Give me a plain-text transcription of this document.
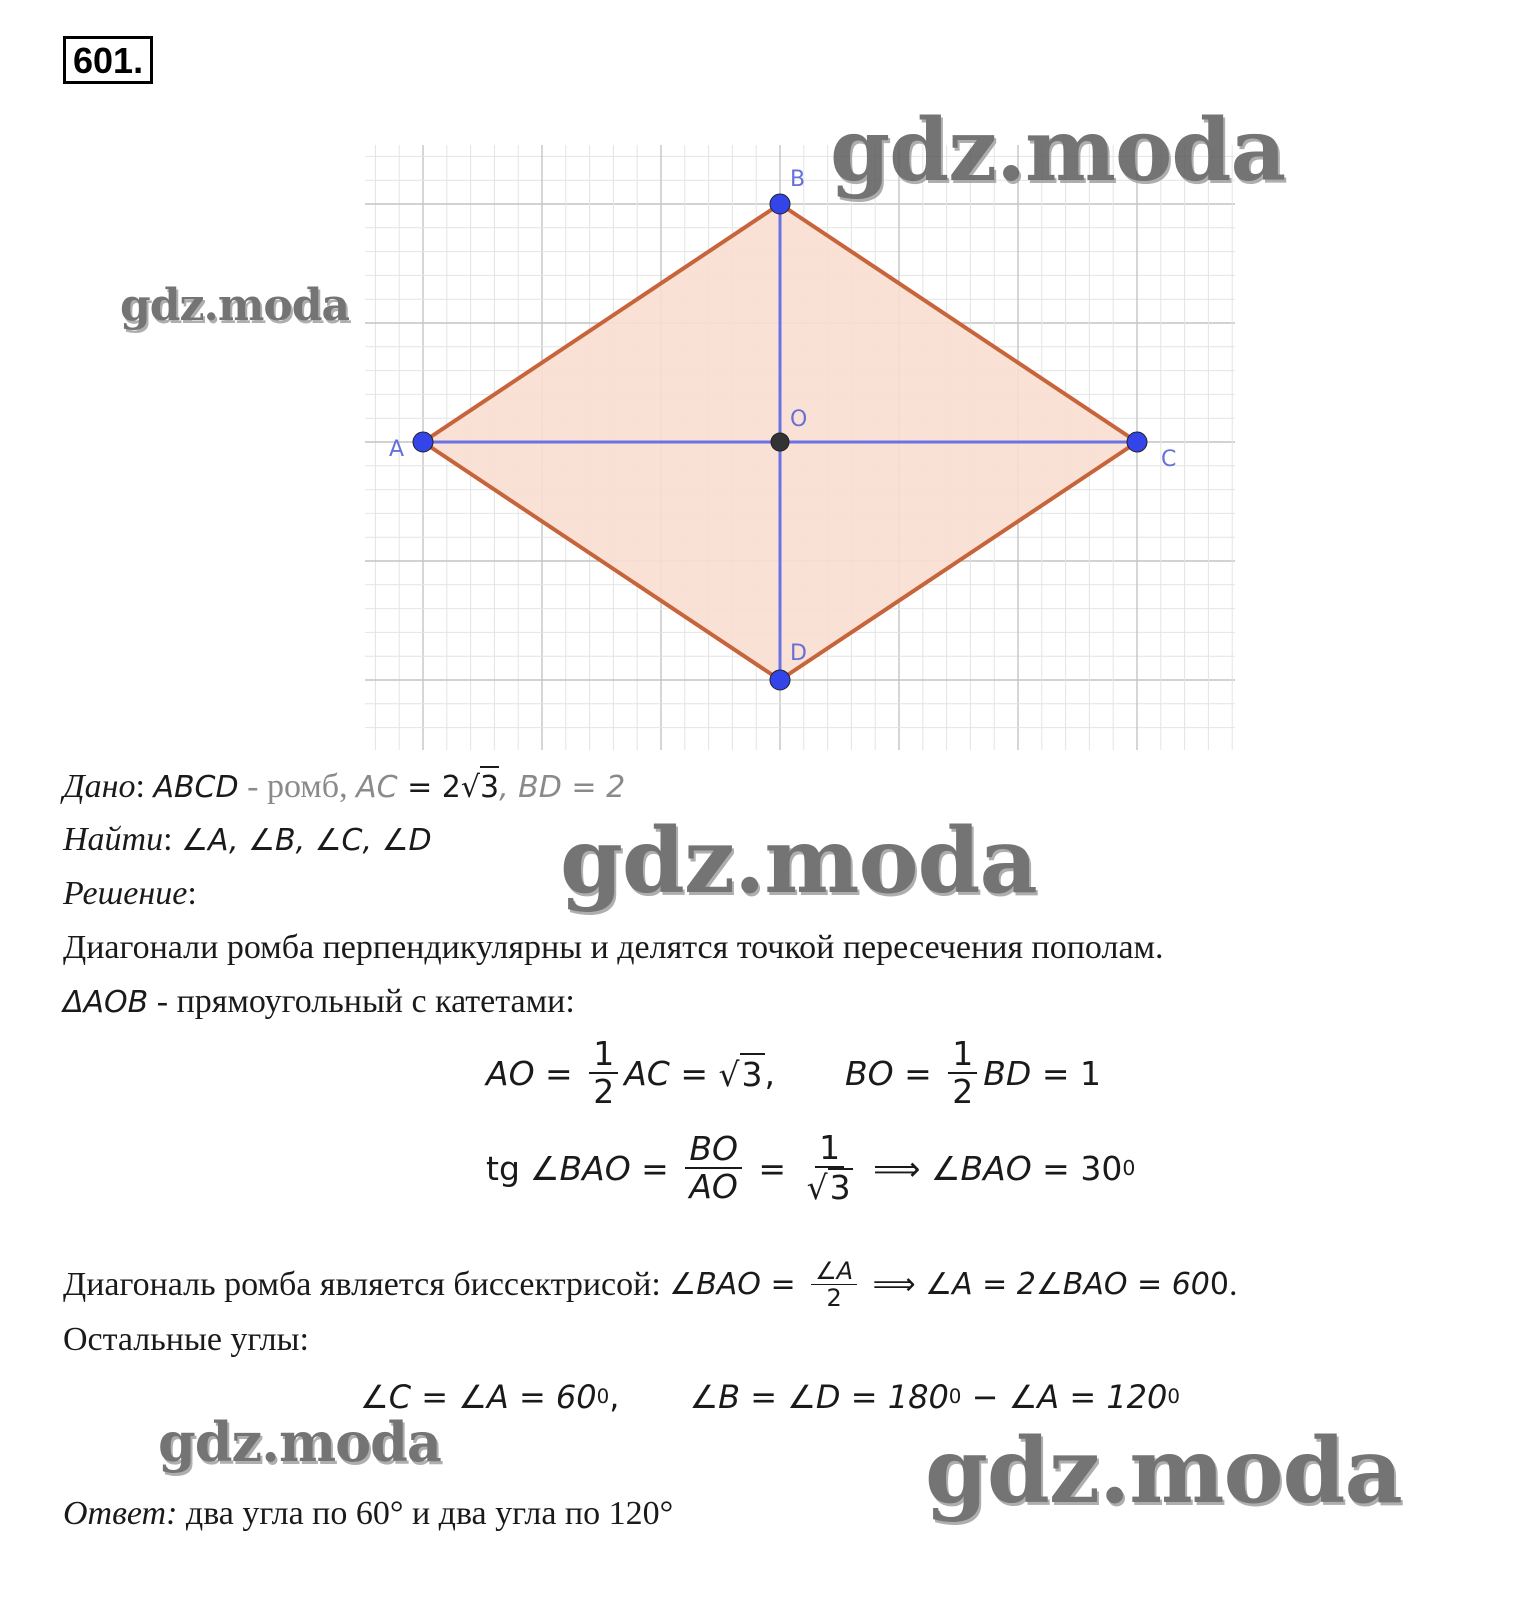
601.
A
B
C
D
O
Дано: ABCD - ромб, AC = 2 √ 3 , BD = 2
Найти: ∠A, ∠B, ∠C, ∠D
Решение:
Диагонали ромба перпендикулярны и делятся точкой пересечения пополам.
ΔAOB - прямоугольный с катетами:
AO = $\frac{1}{2}$ AC = √ 3 , BO = $\frac{1}{2}$ BD = 1
tg ∠BAO = $\frac{BO}{AO} = \frac{1}{√ 3}$ ⟹ ∠BAO = 30 0
Диагональ ромба является биссектрисой: ∠BAO = $\frac{\angle A}{2}$ ⟹ ∠A = 2∠BAO = 60 0 .
Остальные углы:
∠C = ∠A = 60 0 , ∠B = ∠D = 180 0 − ∠A = 120 0
Ответ: два угла по 60° и два угла по 120°
gdz.moda
gdz.moda
gdz.moda
gdz.moda	gdz.moda
